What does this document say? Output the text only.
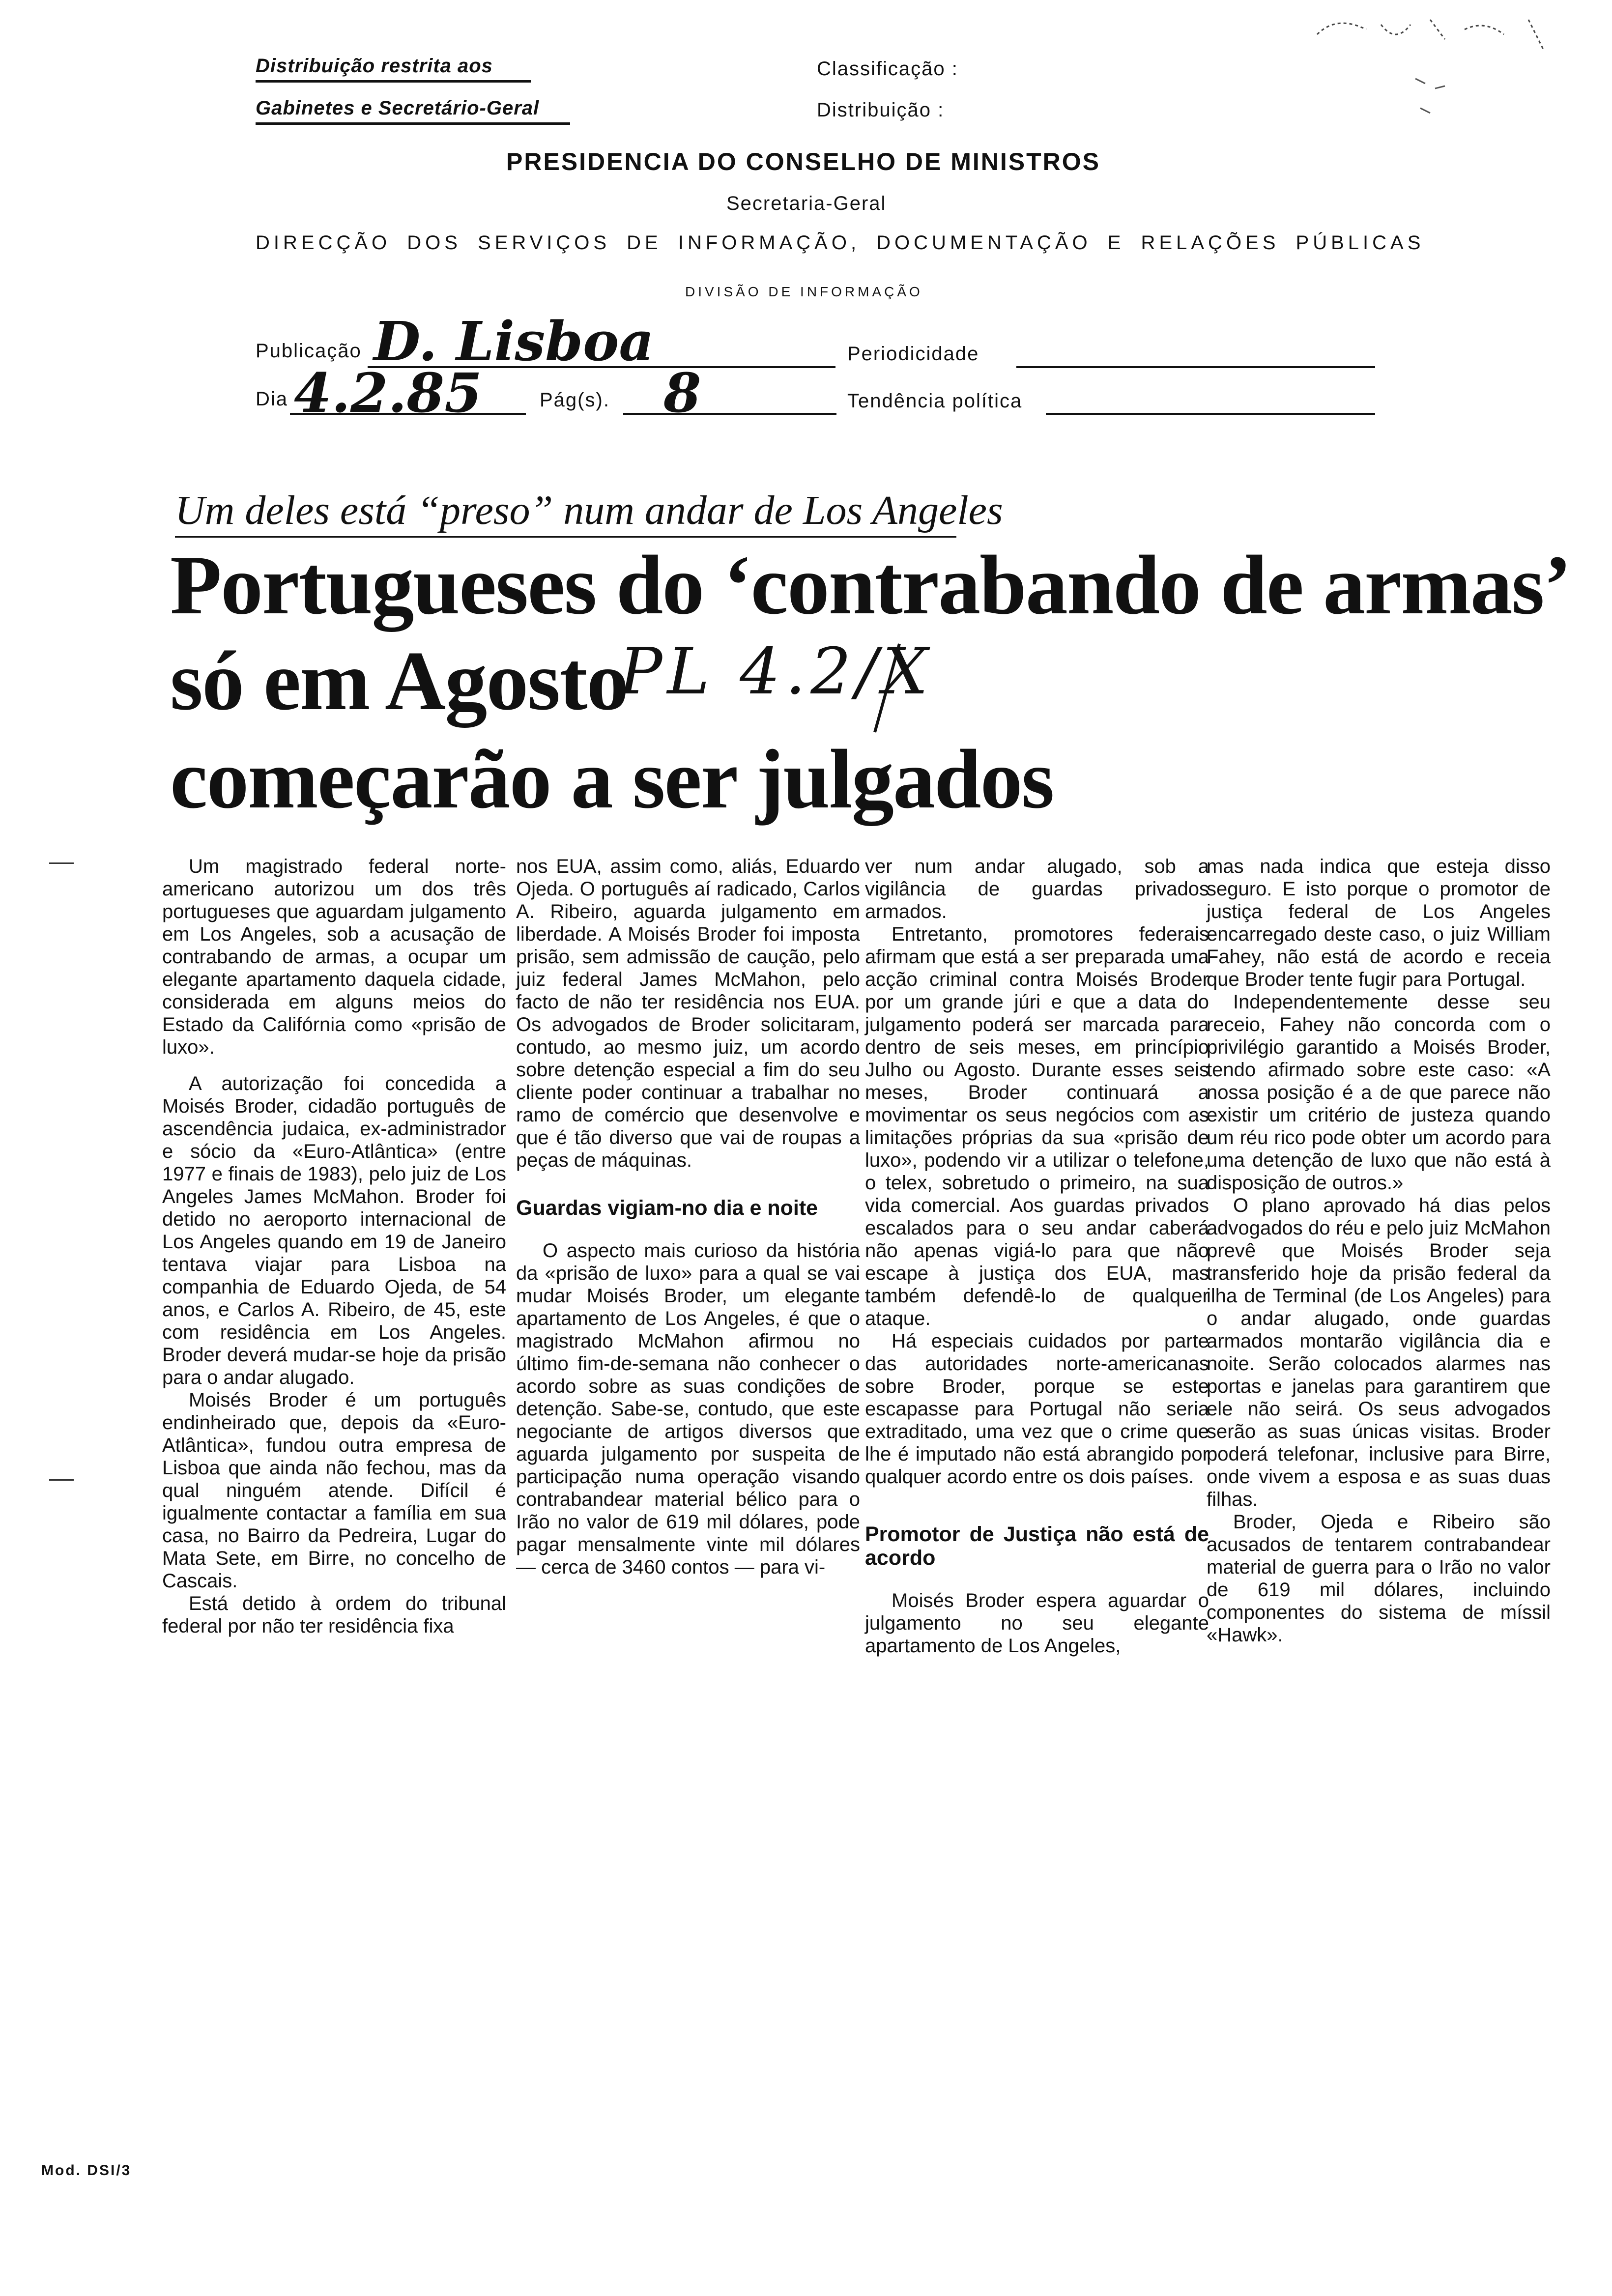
Distribuição restrita aos
Gabinetes e Secretário-Geral
Classificação :
Distribuição :
PRESIDENCIA DO CONSELHO DE MINISTROS
Secretaria-Geral
DIRECÇÃO DOS SERVIÇOS DE INFORMAÇÃO, DOCUMENTAÇÃO E RELAÇÕES PÚBLICAS
DIVISÃO DE INFORMAÇÃO
Publicação D. Lisboa	Periodicidade
Dia 4.2.85	Pág(s). 8	Tendência política
Um deles está “preso” num andar de Los Angeles
Portugueses do ‘contrabando de armas’
só em Agosto
começarão a ser julgados
PL 4.2/X

Um magistrado federal norte-americano autorizou um dos três portugueses que aguardam julgamento em Los Angeles, sob a acusação de contrabando de armas, a ocupar um elegante apartamento daquela cidade, considerada em alguns meios do Estado da Califórnia como «prisão de luxo».

A autorização foi concedida a Moisés Broder, cidadão português de ascendência judaica, ex-administrador e sócio da «Euro-Atlântica» (entre 1977 e finais de 1983), pelo juiz de Los Angeles James McMahon. Broder foi detido no aeroporto internacional de Los Angeles quando em 19 de Janeiro tentava viajar para Lisboa na companhia de Eduardo Ojeda, de 54 anos, e Carlos A. Ribeiro, de 45, este com residência em Los Angeles. Broder deverá mudar-se hoje da prisão para o andar alugado.

Moisés Broder é um português endinheirado que, depois da «Euro-Atlântica», fundou outra empresa de Lisboa que ainda não fechou, mas da qual ninguém atende. Difícil é igualmente contactar a família em sua casa, no Bairro da Pedreira, Lugar do Mata Sete, em Birre, no concelho de Cascais.

Está detido à ordem do tribunal federal por não ter residência fixa

nos EUA, assim como, aliás, Eduardo Ojeda. O português aí radicado, Carlos A. Ribeiro, aguarda julgamento em liberdade. A Moisés Broder foi imposta prisão, sem admissão de caução, pelo juiz federal James McMahon, pelo facto de não ter residência nos EUA. Os advogados de Broder solicitaram, contudo, ao mesmo juiz, um acordo sobre detenção especial a fim do seu cliente poder continuar a trabalhar no ramo de comércio que desenvolve e que é tão diverso que vai de roupas a peças de máquinas.

Guardas vigiam-no dia e noite

O aspecto mais curioso da história da «prisão de luxo» para a qual se vai mudar Moisés Broder, um elegante apartamento de Los Angeles, é que o magistrado McMahon afirmou no último fim-de-semana não conhecer o acordo sobre as suas condições de detenção. Sabe-se, contudo, que este negociante de artigos diversos que aguarda julgamento por suspeita de participação numa operação visando contrabandear material bélico para o Irão no valor de 619 mil dólares, pode pagar mensalmente vinte mil dólares — cerca de 3460 contos — para vi-

ver num andar alugado, sob a vigilância de guardas privados armados.

Entretanto, promotores federais afirmam que está a ser preparada uma acção criminal contra Moisés Broder por um grande júri e que a data do julgamento poderá ser marcada para dentro de seis meses, em princípio Julho ou Agosto. Durante esses seis meses, Broder continuará a movimentar os seus negócios com as limitações próprias da sua «prisão de luxo», podendo vir a utilizar o telefone, o telex, sobretudo o primeiro, na sua vida comercial. Aos guardas privados escalados para o seu andar caberá não apenas vigiá-lo para que não escape à justiça dos EUA, mas também defendê-lo de qualquer ataque.

Há especiais cuidados por parte das autoridades norte-americanas sobre Broder, porque se este escapasse para Portugal não seria extraditado, uma vez que o crime que lhe é imputado não está abrangido por qualquer acordo entre os dois países.

Promotor de Justiça não está de acordo

Moisés Broder espera aguardar o julgamento no seu elegante apartamento de Los Angeles,

mas nada indica que esteja disso seguro. E isto porque o promotor de justiça federal de Los Angeles encarregado deste caso, o juiz William Fahey, não está de acordo e receia que Broder tente fugir para Portugal.

Independentemente desse seu receio, Fahey não concorda com o privilégio garantido a Moisés Broder, tendo afirmado sobre este caso: «A nossa posição é a de que parece não existir um critério de justeza quando um réu rico pode obter um acordo para uma detenção de luxo que não está à disposição de outros.»

O plano aprovado há dias pelos advogados do réu e pelo juiz McMahon prevê que Moisés Broder seja transferido hoje da prisão federal da ilha de Terminal (de Los Angeles) para o andar alugado, onde guardas armados montarão vigilância dia e noite. Serão colocados alarmes nas portas e janelas para garantirem que ele não seirá. Os seus advogados serão as suas únicas visitas. Broder poderá telefonar, inclusive para Birre, onde vivem a esposa e as suas duas filhas.

Broder, Ojeda e Ribeiro são acusados de tentarem contrabandear material de guerra para o Irão no valor de 619 mil dólares, incluindo componentes do sistema de míssil «Hawk».

Mod. DSI/3
